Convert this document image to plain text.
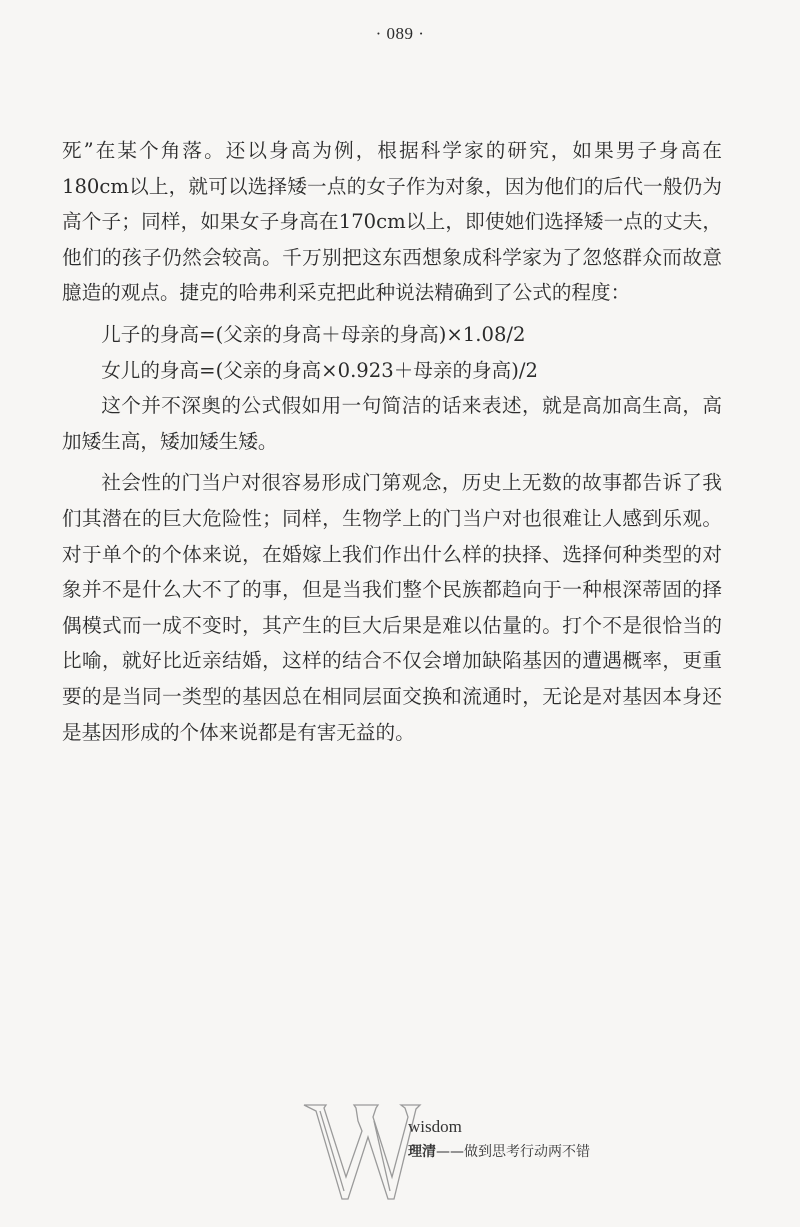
· 089 ·

死”在某个角落。还以身高为例，根据科学家的研究，如果男子身高在180cm以上，就可以选择矮一点的女子作为对象，因为他们的后代一般仍为高个子；同样，如果女子身高在170cm以上，即使她们选择矮一点的丈夫，他们的孩子仍然会较高。千万别把这东西想象成科学家为了忽悠群众而故意臆造的观点。捷克的哈弗利采克把此种说法精确到了公式的程度：

儿子的身高=(父亲的身高＋母亲的身高)×1.08/2

女儿的身高=(父亲的身高×0.923＋母亲的身高)/2

这个并不深奥的公式假如用一句简洁的话来表述，就是高加高生高，高加矮生高，矮加矮生矮。

社会性的门当户对很容易形成门第观念，历史上无数的故事都告诉了我们其潜在的巨大危险性；同样，生物学上的门当户对也很难让人感到乐观。对于单个的个体来说，在婚嫁上我们作出什么样的抉择、选择何种类型的对象并不是什么大不了的事，但是当我们整个民族都趋向于一种根深蒂固的择偶模式而一成不变时，其产生的巨大后果是难以估量的。打个不是很恰当的比喻，就好比近亲结婚，这样的结合不仅会增加缺陷基因的遭遇概率，更重要的是当同一类型的基因总在相同层面交换和流通时，无论是对基因本身还是基因形成的个体来说都是有害无益的。

wisdom
理清——做到思考行动两不错
